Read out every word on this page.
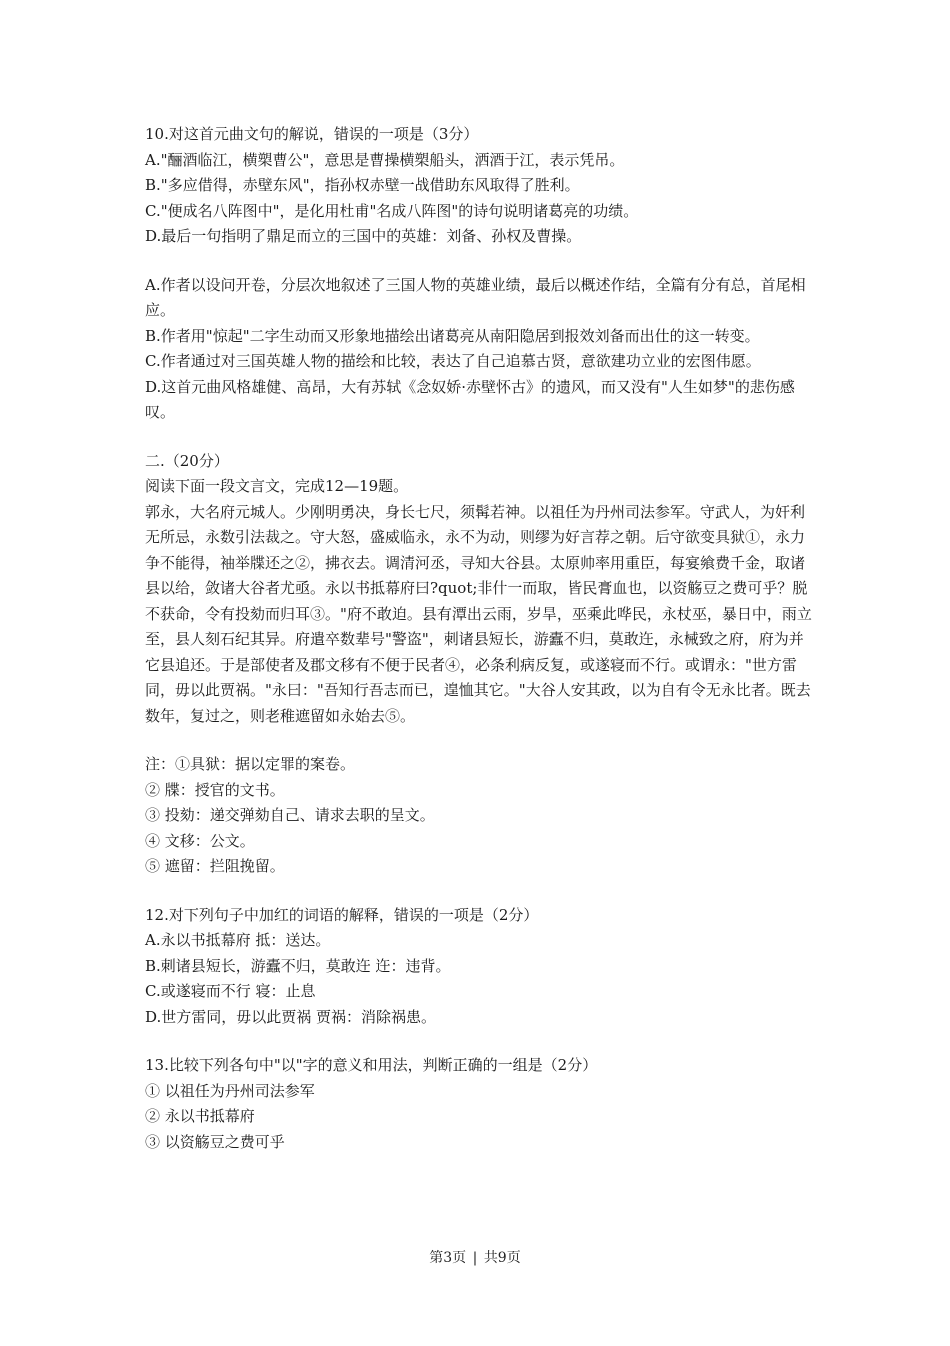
10.对这首元曲文句的解说，错误的一项是（3分）

A."酾酒临江，横槊曹公"，意思是曹操横槊船头，洒酒于江，表示凭吊。

B."多应借得，赤壁东风"，指孙权赤壁一战借助东风取得了胜利。

C."便成名八阵图中"，是化用杜甫"名成八阵图"的诗句说明诸葛亮的功绩。

D.最后一句指明了鼎足而立的三国中的英雄：刘备、孙权及曹操。

A.作者以设问开卷，分层次地叙述了三国人物的英雄业绩，最后以概述作结，全篇有分有总，首尾相应。

B.作者用"惊起"二字生动而又形象地描绘出诸葛亮从南阳隐居到报效刘备而出仕的这一转变。

C.作者通过对三国英雄人物的描绘和比较，表达了自己追慕古贤，意欲建功立业的宏图伟愿。

D.这首元曲风格雄健、高昂，大有苏轼《念奴娇·赤壁怀古》的遗风，而又没有"人生如梦"的悲伤感叹。

二.（20分）

阅读下面一段文言文，完成12—19题。

郭永，大名府元城人。少刚明勇决，身长七尺，须髯若神。以祖任为丹州司法参军。守武人，为奸利无所忌，永数引法裁之。守大怒，盛威临永，永不为动，则缪为好言荐之朝。后守欲变具狱①，永力争不能得，袖举牒还之②，拂衣去。调清河丞，寻知大谷县。太原帅率用重臣，每宴飨费千金，取诸县以给，敛诸大谷者尤亟。永以书抵幕府曰?quot;非什一而取，皆民膏血也，以资觞豆之费可乎？脱不获命，令有投劾而归耳③。"府不敢迫。县有潭出云雨，岁旱，巫乘此哗民，永杖巫，暴日中，雨立至，县人刻石纪其异。府遣卒数辈号"警盗"，刺诸县短长，游蠹不归，莫敢迕，永械致之府，府为并它县追还。于是部使者及郡文移有不便于民者④，必条利病反复，或遂寝而不行。或谓永："世方雷同，毋以此贾祸。"永曰："吾知行吾志而已，遑恤其它。"大谷人安其政，以为自有令无永比者。既去数年，复过之，则老稚遮留如永始去⑤。

注：①具狱：据以定罪的案卷。

② 牒：授官的文书。

③ 投劾：递交弹劾自己、请求去职的呈文。

④ 文移：公文。

⑤ 遮留：拦阻挽留。

12.对下列句子中加红的词语的解释，错误的一项是（2分）

A.永以书抵幕府 抵：送达。

B.刺诸县短长，游蠹不归，莫敢迕 迕：违背。

C.或遂寝而不行 寝：止息

D.世方雷同，毋以此贾祸 贾祸：消除祸患。

13.比较下列各句中"以"字的意义和用法，判断正确的一组是（2分）

① 以祖任为丹州司法参军

② 永以书抵幕府

③ 以资觞豆之费可乎

第3页 | 共9页
